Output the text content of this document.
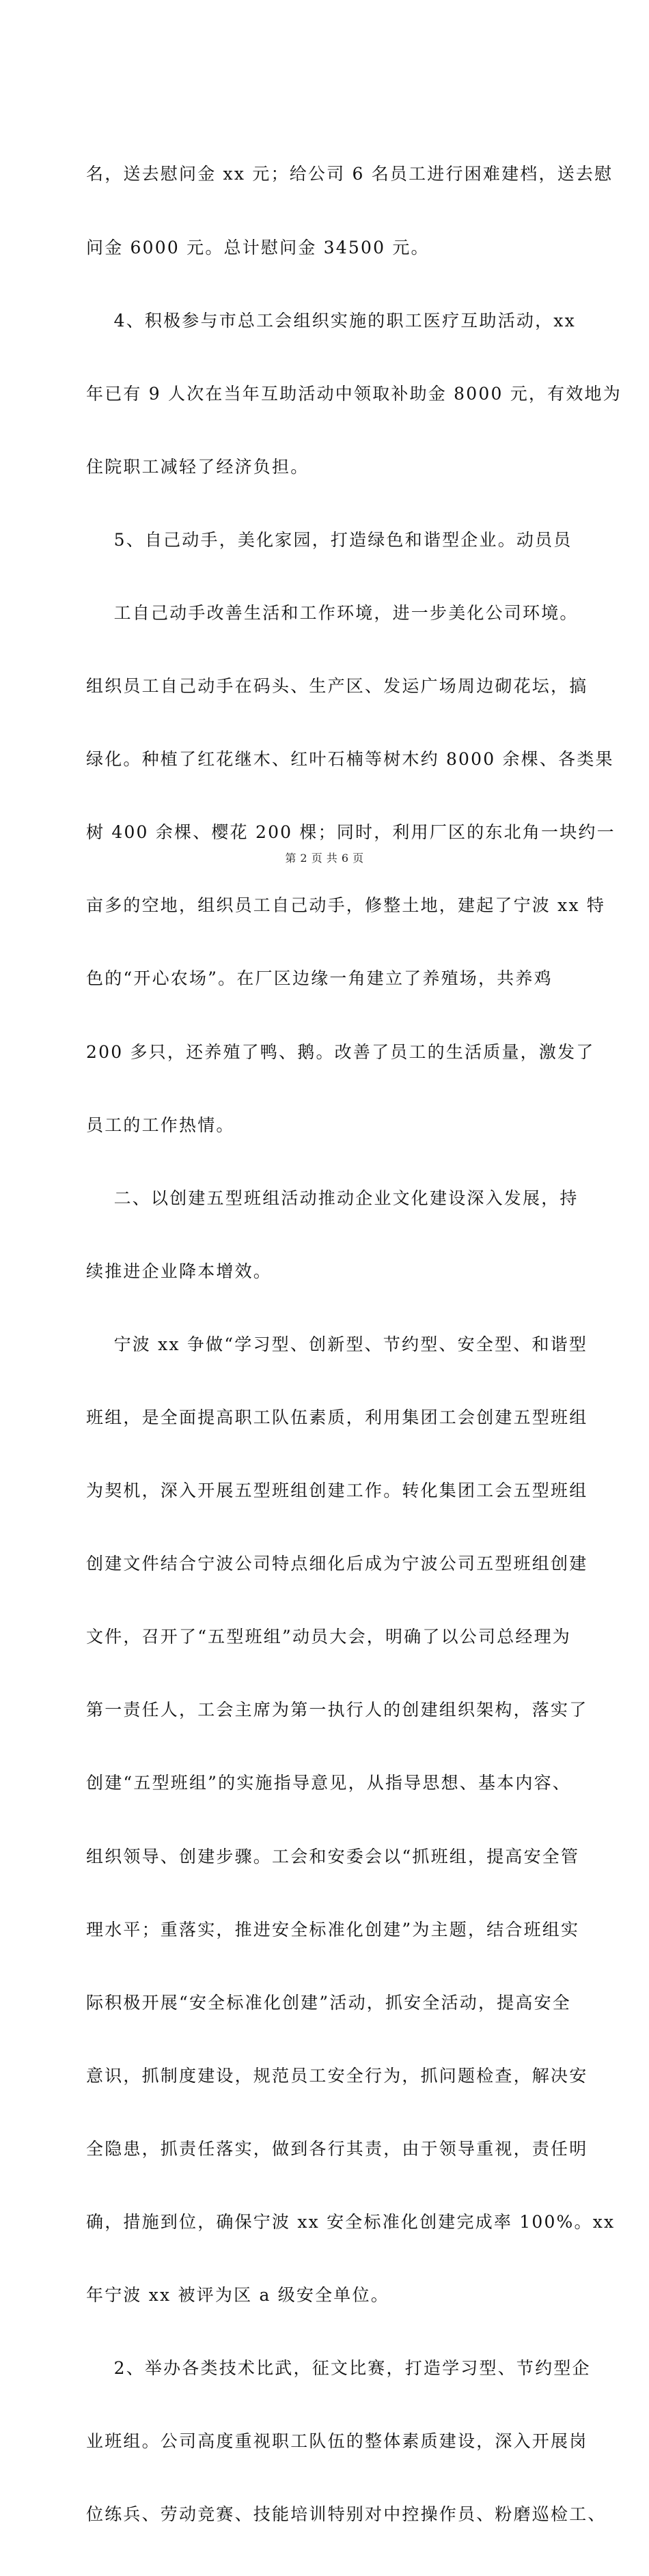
名，送去慰问金 xx 元；给公司 6 名员工进行困难建档，送去慰

问金 6000 元。总计慰问金 34500 元。

4、积极参与市总工会组织实施的职工医疗互助活动，xx

年已有 9 人次在当年互助活动中领取补助金 8000 元，有效地为

住院职工减轻了经济负担。

5、自己动手，美化家园，打造绿色和谐型企业。动员员

工自己动手改善生活和工作环境，进一步美化公司环境。

组织员工自己动手在码头、生产区、发运广场周边砌花坛，搞

绿化。种植了红花继木、红叶石楠等树木约 8000 余棵、各类果

树 400 余棵、樱花 200 棵；同时，利用厂区的东北角一块约一

亩多的空地，组织员工自己动手，修整土地，建起了宁波 xx 特

色的“开心农场”。在厂区边缘一角建立了养殖场，共养鸡

200 多只，还养殖了鸭、鹅。改善了员工的生活质量，激发了

员工的工作热情。

二、以创建五型班组活动推动企业文化建设深入发展，持

续推进企业降本增效。

宁波 xx 争做“学习型、创新型、节约型、安全型、和谐型

班组，是全面提高职工队伍素质，利用集团工会创建五型班组

为契机，深入开展五型班组创建工作。转化集团工会五型班组

创建文件结合宁波公司特点细化后成为宁波公司五型班组创建

文件，召开了“五型班组”动员大会，明确了以公司总经理为

第一责任人，工会主席为第一执行人的创建组织架构，落实了

创建“五型班组”的实施指导意见，从指导思想、基本内容、

组织领导、创建步骤。工会和安委会以“抓班组，提高安全管

理水平；重落实，推进安全标准化创建”为主题，结合班组实

际积极开展“安全标准化创建”活动，抓安全活动，提高安全

意识，抓制度建设，规范员工安全行为，抓问题检查，解决安

全隐患，抓责任落实，做到各行其责，由于领导重视，责任明

确，措施到位，确保宁波 xx 安全标准化创建完成率 100%。xx

年宁波 xx 被评为区 a 级安全单位。

2、举办各类技术比武，征文比赛，打造学习型、节约型企

业班组。公司高度重视职工队伍的整体素质建设，深入开展岗

位练兵、劳动竞赛、技能培训特别对中控操作员、粉磨巡检工、

第 2 页 共 6 页
